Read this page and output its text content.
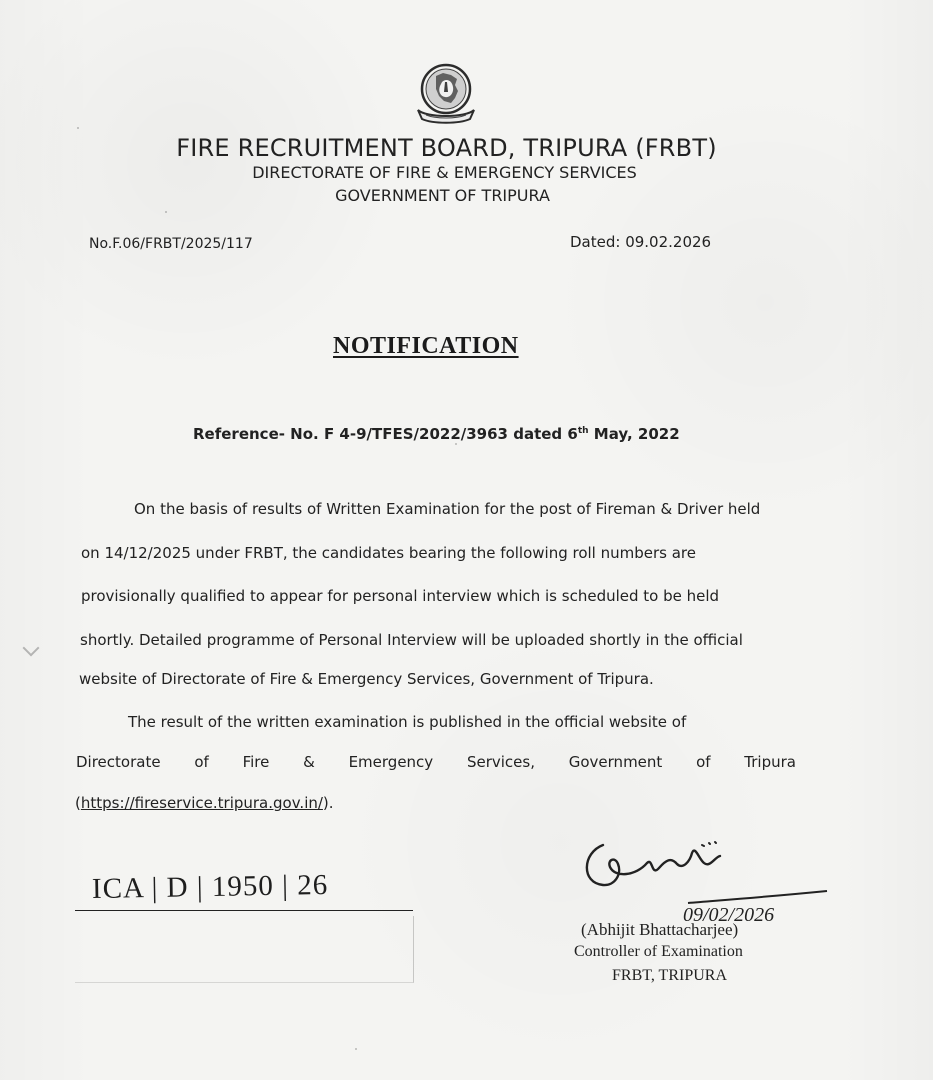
FIRE RECRUITMENT BOARD, TRIPURA (FRBT)
DIRECTORATE OF FIRE & EMERGENCY SERVICES
GOVERNMENT OF TRIPURA
No.F.06/FRBT/2025/117	Dated: 09.02.2026
NOTIFICATION
Reference- No. F 4-9/TFES/2022/3963 dated 6th May, 2022
On the basis of results of Written Examination for the post of Fireman & Driver held
on 14/12/2025 under FRBT, the candidates bearing the following roll numbers are
provisionally qualified to appear for personal interview which is scheduled to be held
shortly. Detailed programme of Personal Interview will be uploaded shortly in the official
website of Directorate of Fire & Emergency Services, Government of Tripura.
The result of the written examination is published in the official website of
Directorate of Fire & Emergency Services, Government of Tripura
(https://fireservice.tripura.gov.in/).
ICA | D | 1950 | 26
09/02/2026
(Abhijit Bhattacharjee)
Controller of Examination
FRBT, TRIPURA
